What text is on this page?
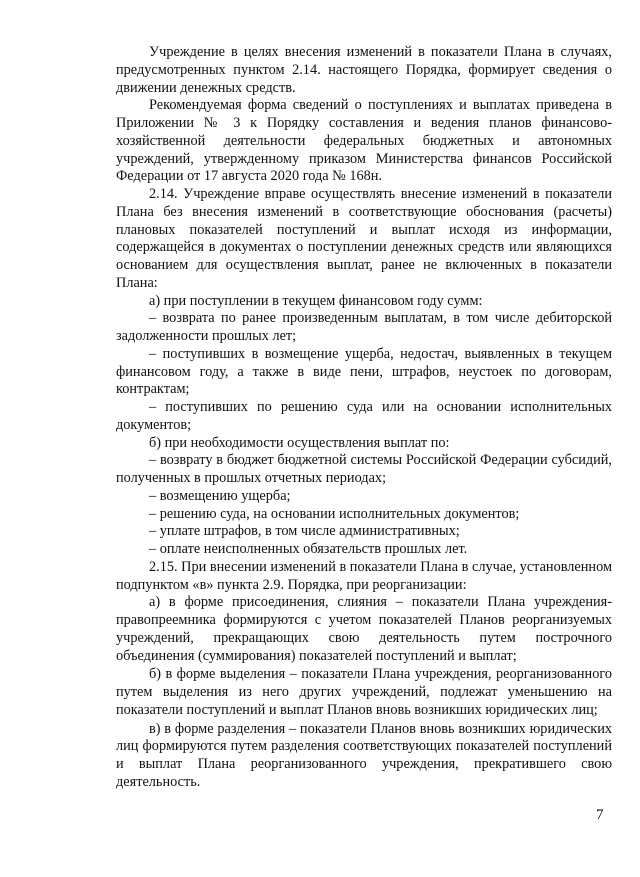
Учреждение в целях внесения изменений в показатели Плана в случаях, предусмотренных пунктом 2.14. настоящего Порядка, формирует сведения о движении денежных средств.

Рекомендуемая форма сведений о поступлениях и выплатах приведена в Приложении № 3 к Порядку составления и ведения планов финансово-хозяйственной деятельности федеральных бюджетных и автономных учреждений, утвержденному приказом Министерства финансов Российской Федерации от 17 августа 2020 года № 168н.

2.14. Учреждение вправе осуществлять внесение изменений в показатели Плана без внесения изменений в соответствующие обоснования (расчеты) плановых показателей поступлений и выплат исходя из информации, содержащейся в документах о поступлении денежных средств или являющихся основанием для осуществления выплат, ранее не включенных в показатели Плана:

а) при поступлении в текущем финансовом году сумм:

– возврата по ранее произведенным выплатам, в том числе дебиторской задолженности прошлых лет;

– поступивших в возмещение ущерба, недостач, выявленных в текущем финансовом году, а также в виде пени, штрафов, неустоек по договорам, контрактам;

– поступивших по решению суда или на основании исполнительных документов;

б) при необходимости осуществления выплат по:

– возврату в бюджет бюджетной системы Российской Федерации субсидий, полученных в прошлых отчетных периодах;

– возмещению ущерба;

– решению суда, на основании исполнительных документов;

– уплате штрафов, в том числе административных;

– оплате неисполненных обязательств прошлых лет.

2.15. При внесении изменений в показатели Плана в случае, установленном подпунктом «в» пункта 2.9. Порядка, при реорганизации:

а) в форме присоединения, слияния – показатели Плана учреждения-правопреемника формируются с учетом показателей Планов реорганизуемых учреждений, прекращающих свою деятельность путем построчного объединения (суммирования) показателей поступлений и выплат;

б) в форме выделения – показатели Плана учреждения, реорганизованного путем выделения из него других учреждений, подлежат уменьшению на показатели поступлений и выплат Планов вновь возникших юридических лиц;

в) в форме разделения – показатели Планов вновь возникших юридических лиц формируются путем разделения соответствующих показателей поступлений и выплат Плана реорганизованного учреждения, прекратившего свою деятельность.

7
